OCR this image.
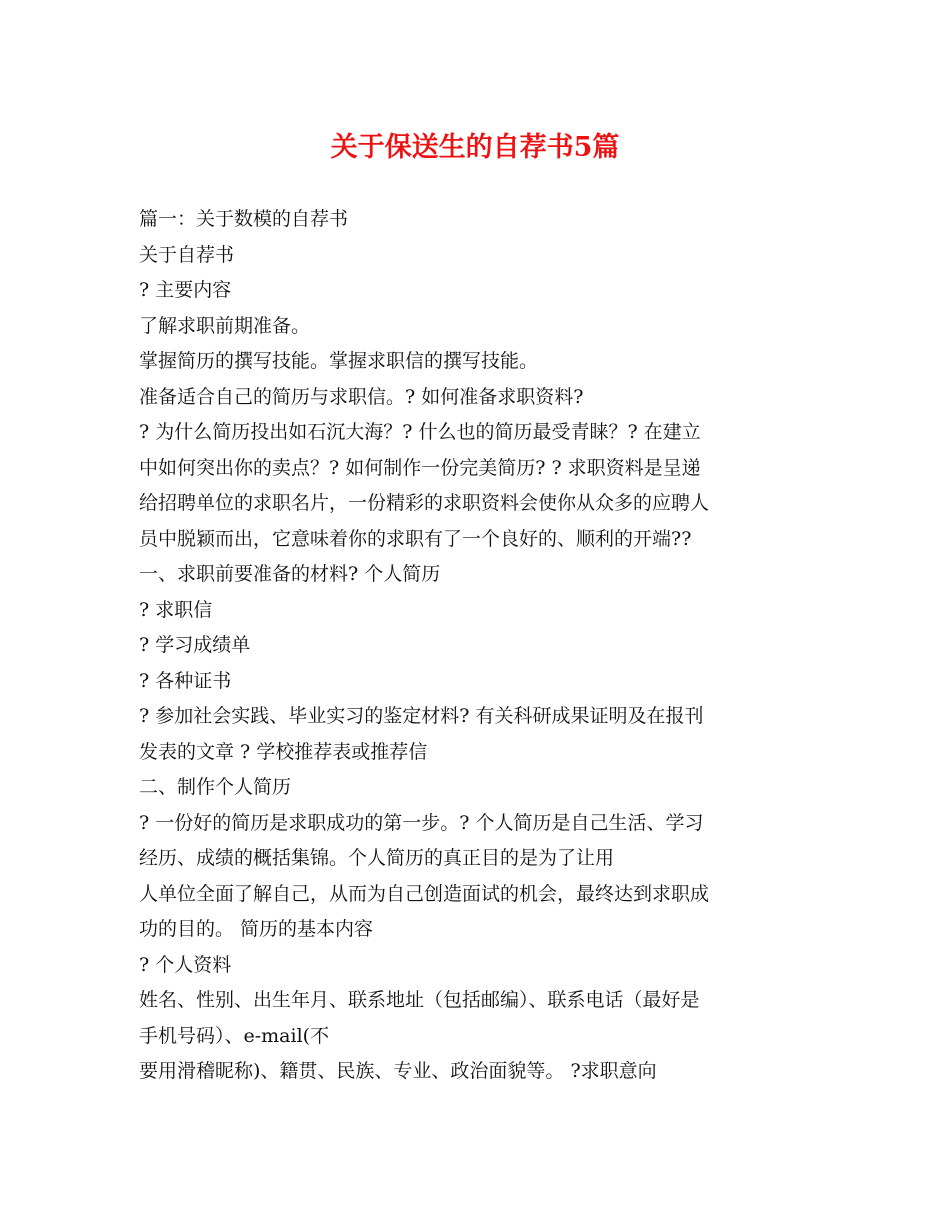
关于保送生的自荐书5篇

篇一：关于数模的自荐书

关于自荐书

? 主要内容

了解求职前期准备。

掌握简历的撰写技能。掌握求职信的撰写技能。

准备适合自己的简历与求职信。? 如何准备求职资料?

? 为什么简历投出如石沉大海？? 什么也的简历最受青睐？? 在建立

中如何突出你的卖点？? 如何制作一份完美简历? ? 求职资料是呈递

给招聘单位的求职名片，一份精彩的求职资料会使你从众多的应聘人

员中脱颖而出，它意味着你的求职有了一个良好的、顺利的开端??

一、求职前要准备的材料? 个人简历

? 求职信

? 学习成绩单

? 各种证书

? 参加社会实践、毕业实习的鉴定材料? 有关科研成果证明及在报刊

发表的文章 ? 学校推荐表或推荐信

二、制作个人简历

? 一份好的简历是求职成功的第一步。? 个人简历是自己生活、学习

经历、成绩的概括集锦。个人简历的真正目的是为了让用

人单位全面了解自己，从而为自己创造面试的机会，最终达到求职成

功的目的。 简历的基本内容

? 个人资料

姓名、性别、出生年月、联系地址（包括邮编）、联系电话（最好是

手机号码）、e-mail(不

要用滑稽昵称)、籍贯、民族、专业、政治面貌等。 ?求职意向
